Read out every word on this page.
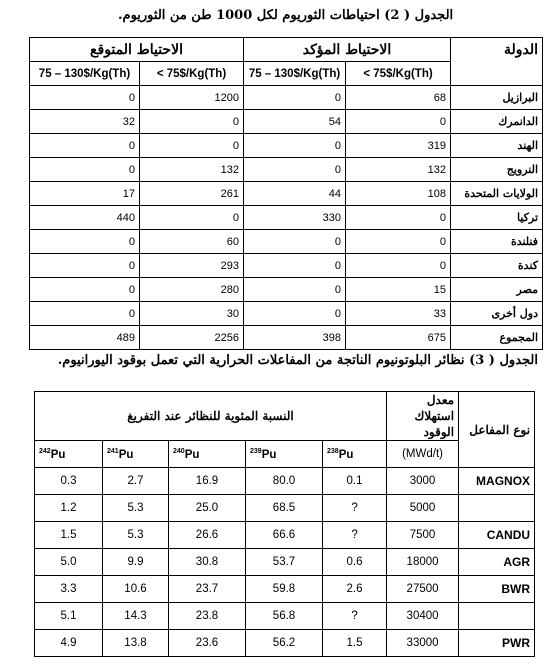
الجدول ( 2) احتياطات الثوريوم لكل 1000 طن من الثوريوم.
الاحتياط المتوقع		الاحتياط المؤكد		الدولة
75 – 130$/Kg(Th)	< 75$/Kg(Th)	75 – 130$/Kg(Th)	< 75$/Kg(Th)	
0	1200	0	68	البرازيل
32	0	54	0	الدانمرك
0	0	0	319	الهند
0	132	0	132	النرويج
17	261	44	108	الولايات المتحدة
440	0	330	0	تركيا
0	60	0	0	فنلندة
0	293	0	0	كندة
0	280	0	15	مصر
0	30	0	33	دول أخرى
489	2256	398	675	المجموع
الجدول ( 3) نظائر البلوتونيوم الناتجة من المفاعلات الحرارية التي تعمل بوقود اليورانيوم.
النسبة المئوية للنظائر عند التفريغ					معدل استهلاك الوقود	نوع المفاعل
$^{242}$Pu	$^{241}$Pu	$^{240}$Pu	$^{239}$Pu	$^{238}$Pu	(MWd/t)	
0.3	2.7	16.9	80.0	0.1	3000	MAGNOX
1.2	5.3	25.0	68.5	?	5000	
1.5	5.3	26.6	66.6	?	7500	CANDU
5.0	9.9	30.8	53.7	0.6	18000	AGR
3.3	10.6	23.7	59.8	2.6	27500	BWR
5.1	14.3	23.8	56.8	?	30400	
4.9	13.8	23.6	56.2	1.5	33000	PWR
